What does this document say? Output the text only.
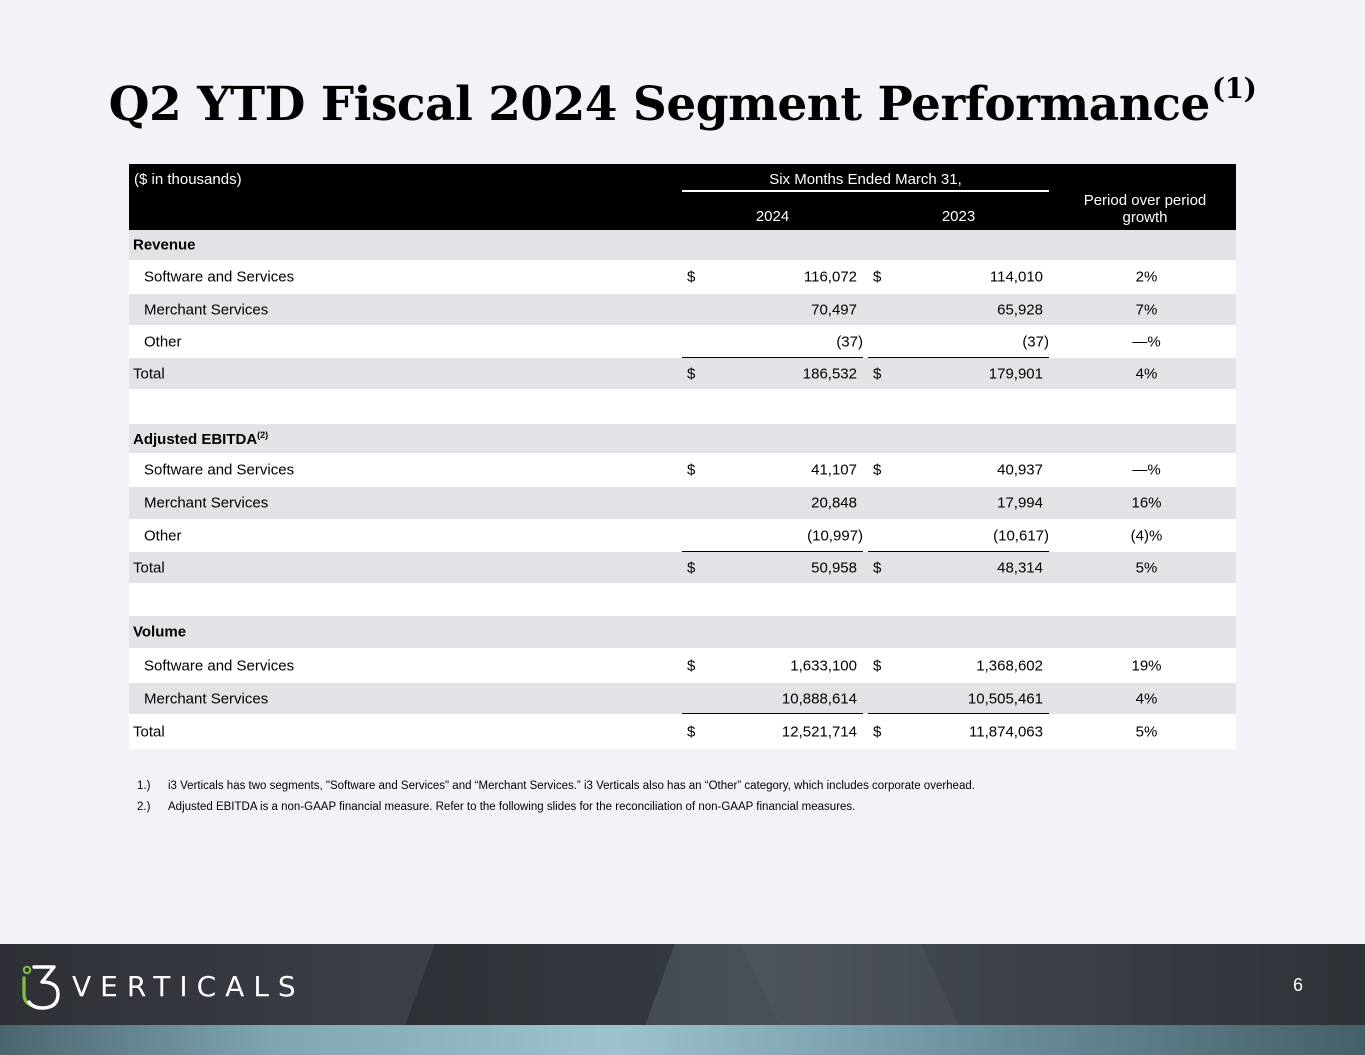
Q2 YTD Fiscal 2024 Segment Performance$^{(1)}$
($ in thousands)	Six Months Ended March 31,
2024	2023
Period over period growth
Revenue
Software and Services	$	116,072 $	114,010	2%
Merchant Services	70,497	65,928	7%
Other	(37)	(37)	—%
Total	$	186,532 $	179,901	4%
Adjusted EBITDA$^{(2)}$
Software and Services	$	41,107 $	40,937	—%
Merchant Services	20,848	17,994	16%
Other	(10,997)	(10,617)	(4)%
Total	$	50,958 $	48,314	5%
Volume
Software and Services	$	1,633,100 $	1,368,602	19%
Merchant Services	10,888,614	10,505,461	4%
Total	$	12,521,714 $	11,874,063	5%
1.) i3 Verticals has two segments, "Software and Services" and “Merchant Services.” i3 Verticals also has an “Other” category, which includes corporate overhead.
2.) Adjusted EBITDA is a non-GAAP financial measure. Refer to the following slides for the reconciliation of non-GAAP financial measures.
VERTICALS	6
